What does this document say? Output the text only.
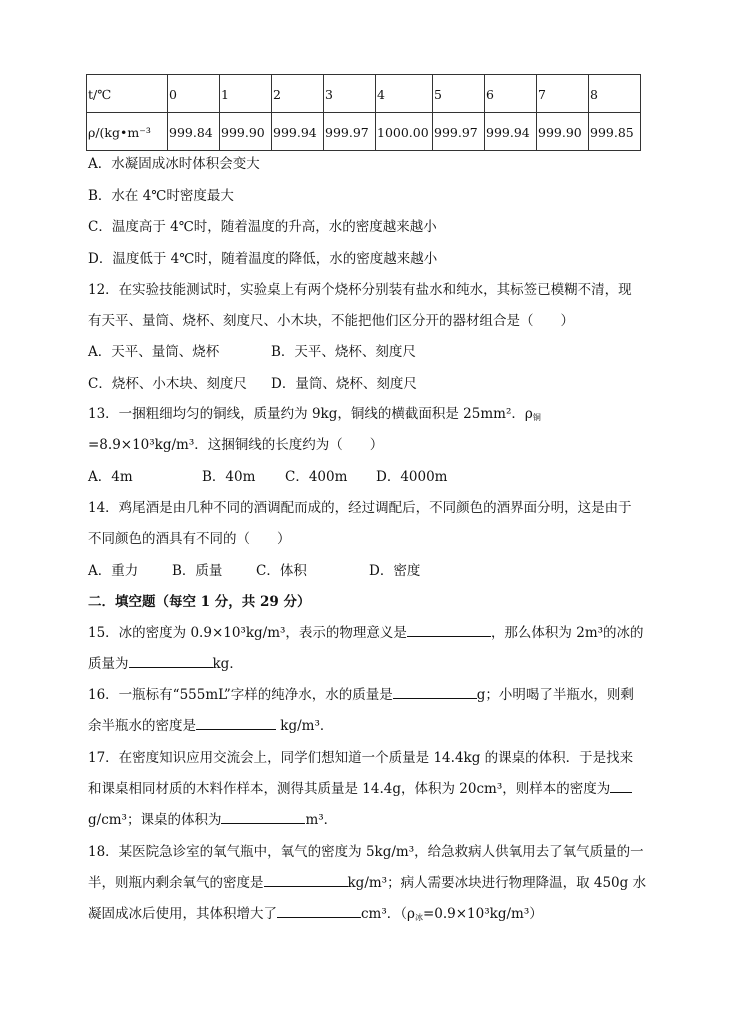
t/℃	0	1	2	3	4	5	6	7	8
ρ/(kg•m⁻³	999.84	999.90	999.94	999.97	1000.00	999.97	999.94	999.90	999.85
A．水凝固成冰时体积会变大
B．水在 4℃时密度最大
C．温度高于 4℃时，随着温度的升高，水的密度越来越小
D．温度低于 4℃时，随着温度的降低，水的密度越来越小
12．在实验技能测试时，实验桌上有两个烧杯分别装有盐水和纯水，其标签已模糊不清，现
有天平、量筒、烧杯、刻度尺、小木块，不能把他们区分开的器材组合是（　　）
A．天平、量筒、烧杯	B．天平、烧杯、刻度尺
C．烧杯、小木块、刻度尺 D．量筒、烧杯、刻度尺
13．一捆粗细均匀的铜线，质量约为 9kg，铜线的横截面积是 25mm²．$\rho_铜$
=8.9×10³kg/m³．这捆铜线的长度约为（　　）
A．4m	B．40m C．400m D．4000m
14．鸡尾酒是由几种不同的酒调配而成的，经过调配后，不同颜色的酒界面分明，这是由于
不同颜色的酒具有不同的（　　）
A．重力	B．质量 C．体积	D．密度
二．填空题（每空 1 分，共 29 分）
15．冰的密度为 0.9×10³kg/m³，表示的物理意义是	，那么体积为 2m³的冰的
质量为	kg．
16．一瓶标有“555mL”字样的纯净水，水的质量是	g；小明喝了半瓶水，则剩
余半瓶水的密度是	kg/m³．
17．在密度知识应用交流会上，同学们想知道一个质量是 14.4kg 的课桌的体积．于是找来
和课桌相同材质的木料作样本，测得其质量是 14.4g，体积为 20cm³，则样本的密度为
g/cm³；课桌的体积为	m³．
18．某医院急诊室的氧气瓶中，氧气的密度为 5kg/m³，给急救病人供氧用去了氧气质量的一
半，则瓶内剩余氧气的密度是	kg/m³；病人需要冰块进行物理降温，取 450g 水
凝固成冰后使用，其体积增大了	cm³．$(\rho_冰=0.9\times 10^3kg/m^3)$
